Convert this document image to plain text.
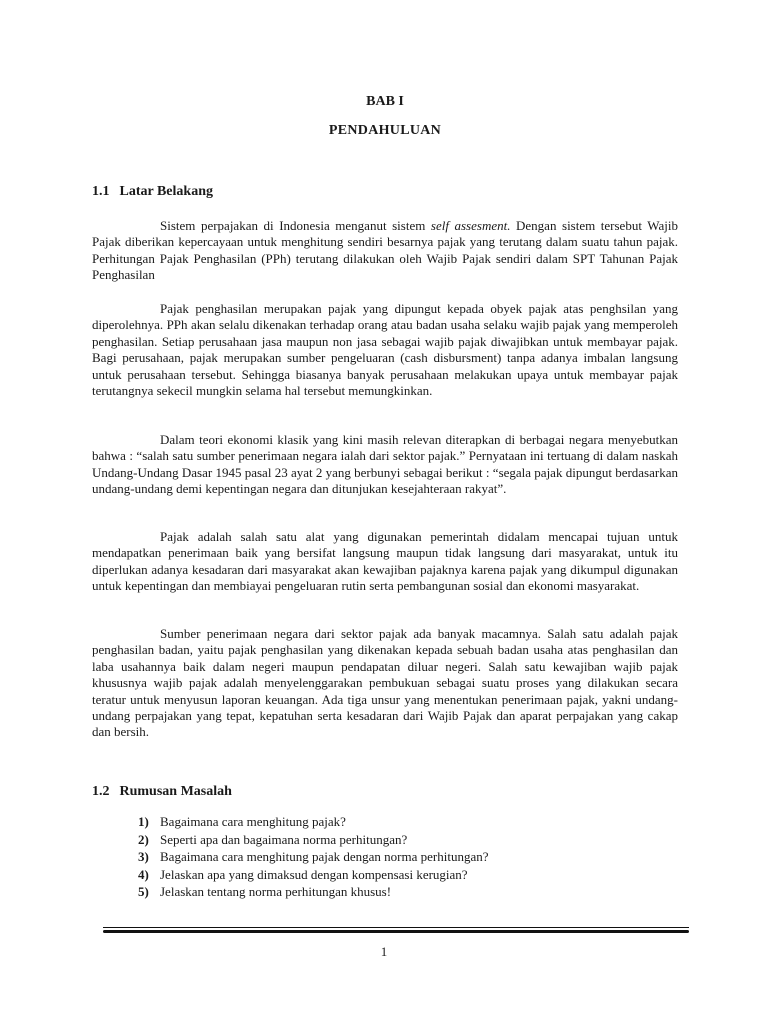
BAB I
PENDAHULUAN
1.1 Latar Belakang

Sistem perpajakan di Indonesia menganut sistem self assesment. Dengan sistem tersebut Wajib Pajak diberikan kepercayaan untuk menghitung sendiri besarnya pajak yang terutang dalam suatu tahun pajak. Perhitungan Pajak Penghasilan (PPh) terutang dilakukan oleh Wajib Pajak sendiri dalam SPT Tahunan Pajak Penghasilan

Pajak penghasilan merupakan pajak yang dipungut kepada obyek pajak atas penghsilan yang diperolehnya. PPh akan selalu dikenakan terhadap orang atau badan usaha selaku wajib pajak yang memperoleh penghasilan. Setiap perusahaan jasa maupun non jasa sebagai wajib pajak diwajibkan untuk membayar pajak. Bagi perusahaan, pajak merupakan sumber pengeluaran (cash disbursment) tanpa adanya imbalan langsung untuk perusahaan tersebut. Sehingga biasanya banyak perusahaan melakukan upaya untuk membayar pajak terutangnya sekecil mungkin selama hal tersebut memungkinkan.

Dalam teori ekonomi klasik yang kini masih relevan diterapkan di berbagai negara menyebutkan bahwa : “salah satu sumber penerimaan negara ialah dari sektor pajak.” Pernyataan ini tertuang di dalam naskah Undang-Undang Dasar 1945 pasal 23 ayat 2 yang berbunyi sebagai berikut : “segala pajak dipungut berdasarkan undang-undang demi kepentingan negara dan ditunjukan kesejahteraan rakyat”.

Pajak adalah salah satu alat yang digunakan pemerintah didalam mencapai tujuan untuk mendapatkan penerimaan baik yang bersifat langsung maupun tidak langsung dari masyarakat, untuk itu diperlukan adanya kesadaran dari masyarakat akan kewajiban pajaknya karena pajak yang dikumpul digunakan untuk kepentingan dan membiayai pengeluaran rutin serta pembangunan sosial dan ekonomi masyarakat.

Sumber penerimaan negara dari sektor pajak ada banyak macamnya. Salah satu adalah pajak penghasilan badan, yaitu pajak penghasilan yang dikenakan kepada sebuah badan usaha atas penghasilan dan laba usahannya baik dalam negeri maupun pendapatan diluar negeri. Salah satu kewajiban wajib pajak khususnya wajib pajak adalah menyelenggarakan pembukuan sebagai suatu proses yang dilakukan secara teratur untuk menyusun laporan keuangan. Ada tiga unsur yang menentukan penerimaan pajak, yakni undang-undang perpajakan yang tepat, kepatuhan serta kesadaran dari Wajib Pajak dan aparat perpajakan yang cakap dan bersih.

1.2 Rumusan Masalah
1) Bagaimana cara menghitung pajak?
2) Seperti apa dan bagaimana norma perhitungan?
3) Bagaimana cara menghitung pajak dengan norma perhitungan?
4) Jelaskan apa yang dimaksud dengan kompensasi kerugian?
5) Jelaskan tentang norma perhitungan khusus!
1
